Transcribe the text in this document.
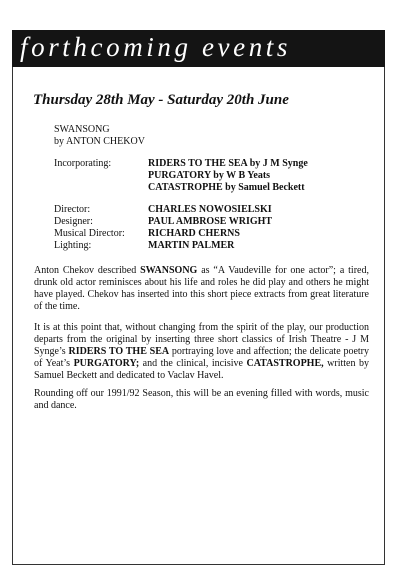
forthcoming events
Thursday 28th May - Saturday 20th June
SWANSONG
by ANTON CHEKOV
Incorporating:	RIDERS TO THE SEA by J M Synge
PURGATORY by W B Yeats
CATASTROPHE by Samuel Beckett
Director:	CHARLES NOWOSIELSKI
Designer:	PAUL AMBROSE WRIGHT
Musical Director: RICHARD CHERNS
Lighting:	MARTIN PALMER
Anton Chekov described SWANSONG as “A Vaudeville for one actor”; a tired, drunk old actor reminisces about his life and roles he did play and others he might have played. Chekov has inserted into this short piece extracts from great literature of the time.
It is at this point that, without changing from the spirit of the play, our production departs from the original by inserting three short classics of Irish Theatre - J M Synge’s RIDERS TO THE SEA portraying love and affection; the delicate poetry of Yeat’s PURGATORY; and the clinical, incisive CATASTROPHE, written by Samuel Beckett and dedicated to Vaclav Havel.
Rounding off our 1991/92 Season, this will be an evening filled with words, music and dance.
